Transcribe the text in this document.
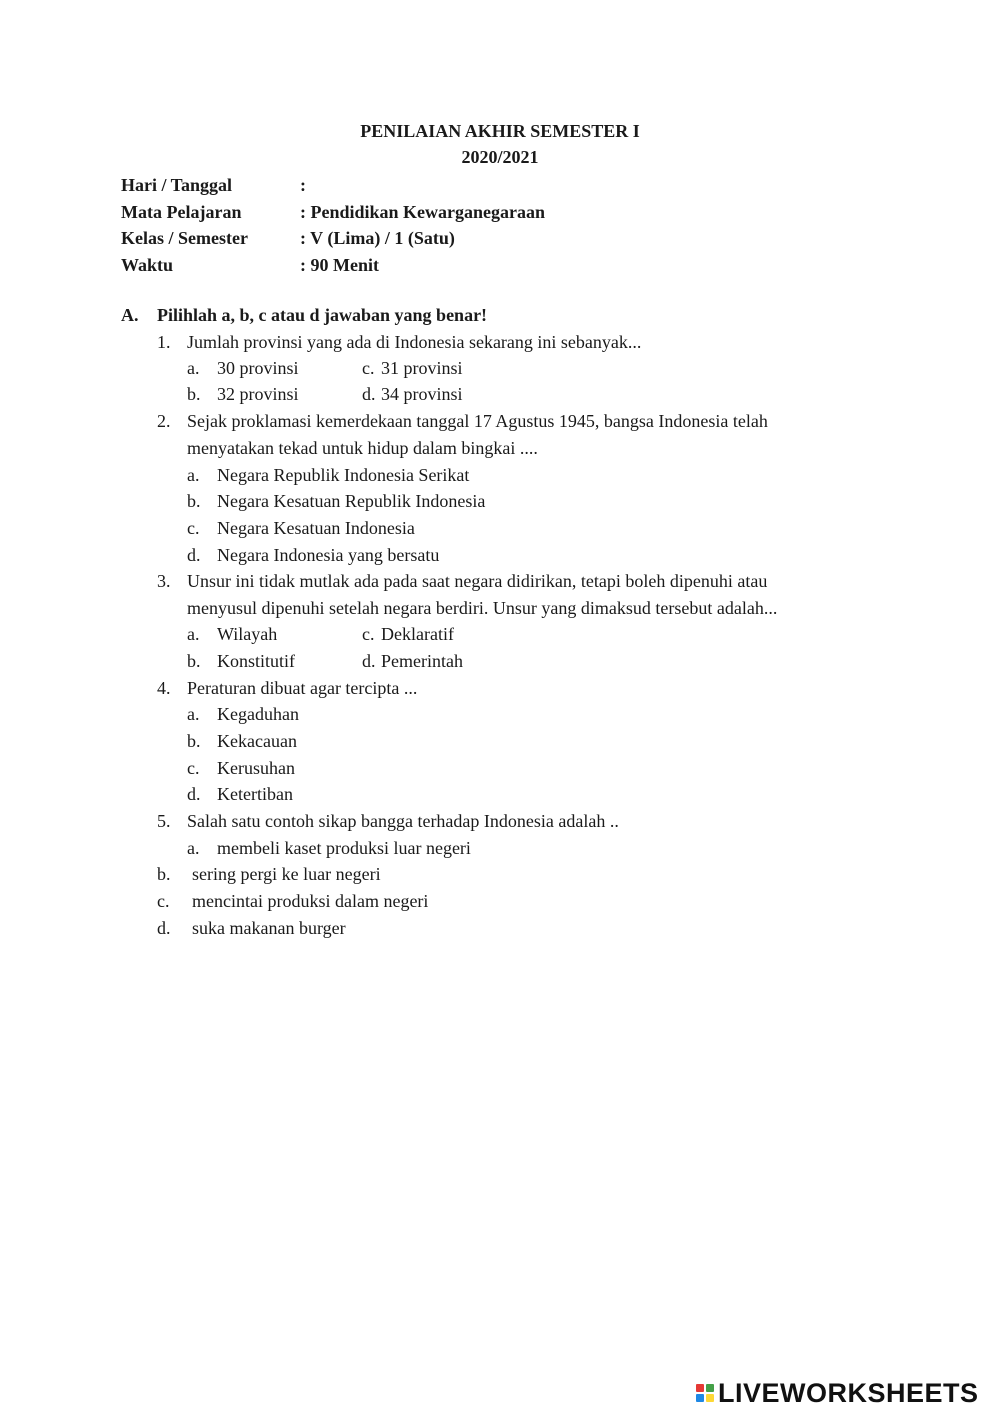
PENILAIAN AKHIR SEMESTER I
2020/2021
Hari / Tanggal	:
Mata Pelajaran	: Pendidikan Kewarganegaraan
Kelas / Semester	: V (Lima) / 1 (Satu)
Waktu	: 90 Menit
A. Pilihlah a, b, c atau d jawaban yang benar!
1. Jumlah provinsi yang ada di Indonesia sekarang ini sebanyak...
a. 30 provinsi	c. 31 provinsi
b. 32 provinsi	d. 34 provinsi
2. Sejak proklamasi kemerdekaan tanggal 17 Agustus 1945, bangsa Indonesia telah
menyatakan tekad untuk hidup dalam bingkai ....
a. Negara Republik Indonesia Serikat
b. Negara Kesatuan Republik Indonesia
c. Negara Kesatuan Indonesia
d. Negara Indonesia yang bersatu
3. Unsur ini tidak mutlak ada pada saat negara didirikan, tetapi boleh dipenuhi atau
menyusul dipenuhi setelah negara berdiri. Unsur yang dimaksud tersebut adalah...
a. Wilayah	c. Deklaratif
b. Konstitutif	d. Pemerintah
4. Peraturan dibuat agar tercipta ...
a. Kegaduhan
b. Kekacauan
c. Kerusuhan
d. Ketertiban
5. Salah satu contoh sikap bangga terhadap Indonesia adalah ..
a. membeli kaset produksi luar negeri
b. sering pergi ke luar negeri
c. mencintai produksi dalam negeri
d. suka makanan burger
LIVEWORKSHEETS
